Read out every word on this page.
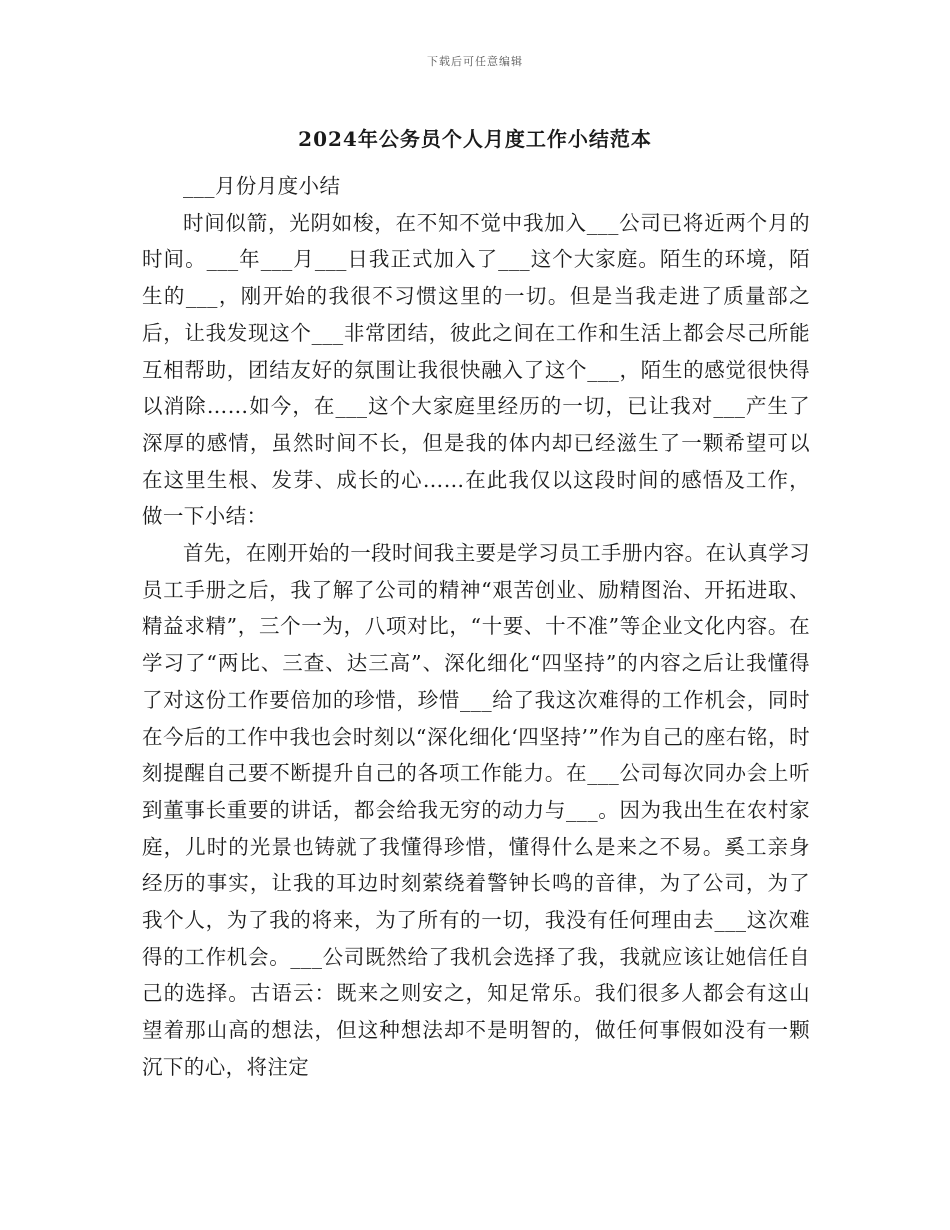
下载后可任意编辑
2024年公务员个人月度工作小结范本

___月份月度小结

时间似箭，光阴如梭，在不知不觉中我加入___公司已将近两个月的时间。___年___月___日我正式加入了___这个大家庭。陌生的环境，陌生的___，刚开始的我很不习惯这里的一切。但是当我走进了质量部之后，让我发现这个___非常团结，彼此之间在工作和生活上都会尽己所能互相帮助，团结友好的氛围让我很快融入了这个___，陌生的感觉很快得以消除……如今，在___这个大家庭里经历的一切，已让我对___产生了深厚的感情，虽然时间不长，但是我的体内却已经滋生了一颗希望可以在这里生根、发芽、成长的心……在此我仅以这段时间的感悟及工作，做一下小结：

首先，在刚开始的一段时间我主要是学习员工手册内容。在认真学习员工手册之后，我了解了公司的精神“艰苦创业、励精图治、开拓进取、精益求精”，三个一为，八项对比，“十要、十不准”等企业文化内容。在学习了“两比、三查、达三高”、深化细化“四坚持”的内容之后让我懂得了对这份工作要倍加的珍惜，珍惜___给了我这次难得的工作机会，同时在今后的工作中我也会时刻以“深化细化‘四坚持’”作为自己的座右铭，时刻提醒自己要不断提升自己的各项工作能力。在___公司每次同办会上听到董事长重要的讲话，都会给我无穷的动力与___。因为我出生在农村家庭，儿时的光景也铸就了我懂得珍惜，懂得什么是来之不易。奚工亲身经历的事实，让我的耳边时刻萦绕着警钟长鸣的音律，为了公司，为了我个人，为了我的将来，为了所有的一切，我没有任何理由去___这次难得的工作机会。___公司既然给了我机会选择了我，我就应该让她信任自己的选择。古语云：既来之则安之，知足常乐。我们很多人都会有这山望着那山高的想法，但这种想法却不是明智的，做任何事假如没有一颗沉下的心，将注定
